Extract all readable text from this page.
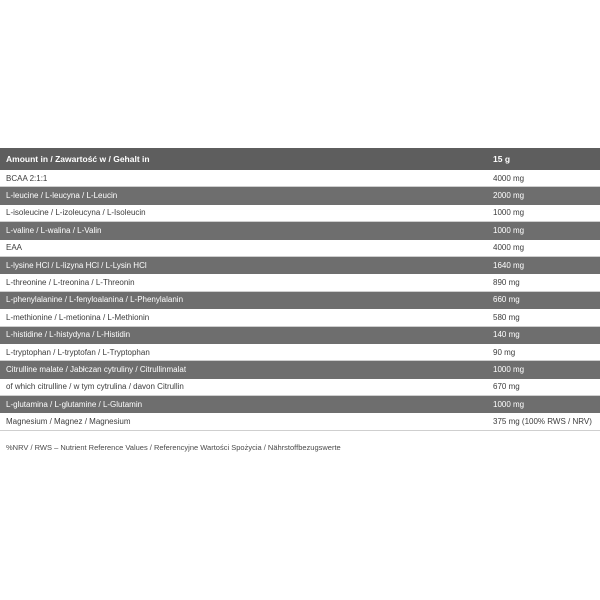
Amount in / Zawartość w / Gehalt in	15 g
BCAA 2:1:1	4000 mg
L-leucine / L-leucyna / L-Leucin	2000 mg
L-isoleucine / L-izoleucyna / L-Isoleucin	1000 mg
L-valine / L-walina / L-Valin	1000 mg
EAA	4000 mg
L-lysine HCl / L-lizyna HCl / L-Lysin HCl	1640 mg
L-threonine / L-treonina / L-Threonin	890 mg
L-phenylalanine / L-fenyloalanina / L-Phenylalanin	660 mg
L-methionine / L-metionina / L-Methionin	580 mg
L-histidine / L-histydyna / L-Histidin	140 mg
L-tryptophan / L-tryptofan / L-Tryptophan	90 mg
Citrulline malate / Jabłczan cytruliny / Citrullinmalat	1000 mg
of which citrulline / w tym cytrulina / davon Citrullin	670 mg
L-glutamina / L-glutamine / L-Glutamin	1000 mg
Magnesium / Magnez / Magnesium	375 mg (100% RWS / NRV)
%NRV / RWS – Nutrient Reference Values / Referencyjne Wartości Spożycia / Nährstoffbezugswerte
